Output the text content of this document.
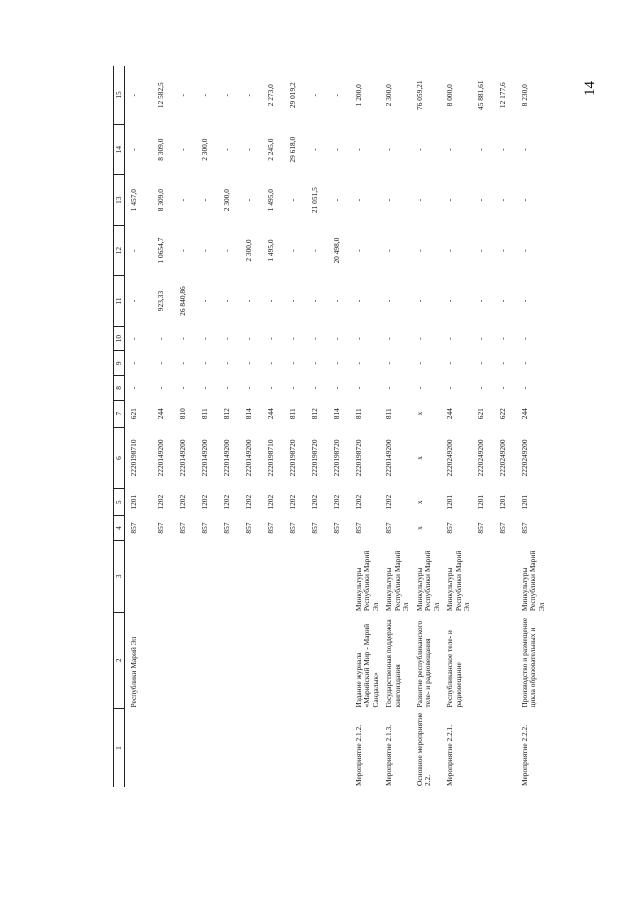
14
1	2	3	4	5	6	7	8	9	10	11	12	13	14	15
	Республики Марий Эл		857	1201	2220198710	621	-	-	-	-	-	1 457,0	-	-
			857	1202	2220149200	244	-	-	-	923,33	1 0654,7	8 309,0	8 309,0	12 582,5
			857	1202	2220149200	810	-	-	-	26 840,86	-	-	-	-
			857	1202	2220149200	811	-	-	-	-	-	-	2 300,0	-
			857	1202	2220149200	812	-	-	-	-	-	2 300,0	-	-
			857	1202	2220149200	814	-	-	-	-	2 300,0	-	-	-
			857	1202	2220198710	244	-	-	-	-	1 495,0	1 495,0	2 245,0	2 273,0
			857	1202	2220198720	811	-	-	-	-	-	-	29 618,0	29 019,2
			857	1202	2220198720	812	-	-	-	-	-	21 051,5	-	-
			857	1202	2220198720	814	-	-	-	-	20 498,0	-	-	-
Мероприятие 2.1.2.	Издание журнала «Марийский Мир - Марий Сандалык»	Минкультуры Республики Марий Эл	857	1202	2220198720	811	-	-	-	-	-	-	-	1 200,0
Мероприятие 2.1.3.	Государственная поддержка книгоиздания	Минкультуры Республики Марий Эл	857	1202	2220149200	811	-	-	-	-	-	-	-	2 300,0
Основное мероприятие 2.2.	Развитие республиканского теле- и радиовещания	Минкультуры Республики Марий Эл	x	x	x	x	-	-	-	-	-	-	-	76 059,21
Мероприятие 2.2.1.	Республиканское теле- и радиовещание	Минкультуры Республики Марий Эл	857	1201	2220249200	244	-	-	-	-	-	-	-	8 000,0
			857	1201	2220249200	621	-	-	-	-	-	-	-	45 881,61
			857	1201	2220249200	622	-	-	-	-	-	-	-	12 177,6
Мероприятие 2.2.2.	Производство и размещение цикла образовательных и	Минкультуры Республики Марий Эл	857	1201	2220249200	244	-	-	-	-	-	-	-	8 230,0
